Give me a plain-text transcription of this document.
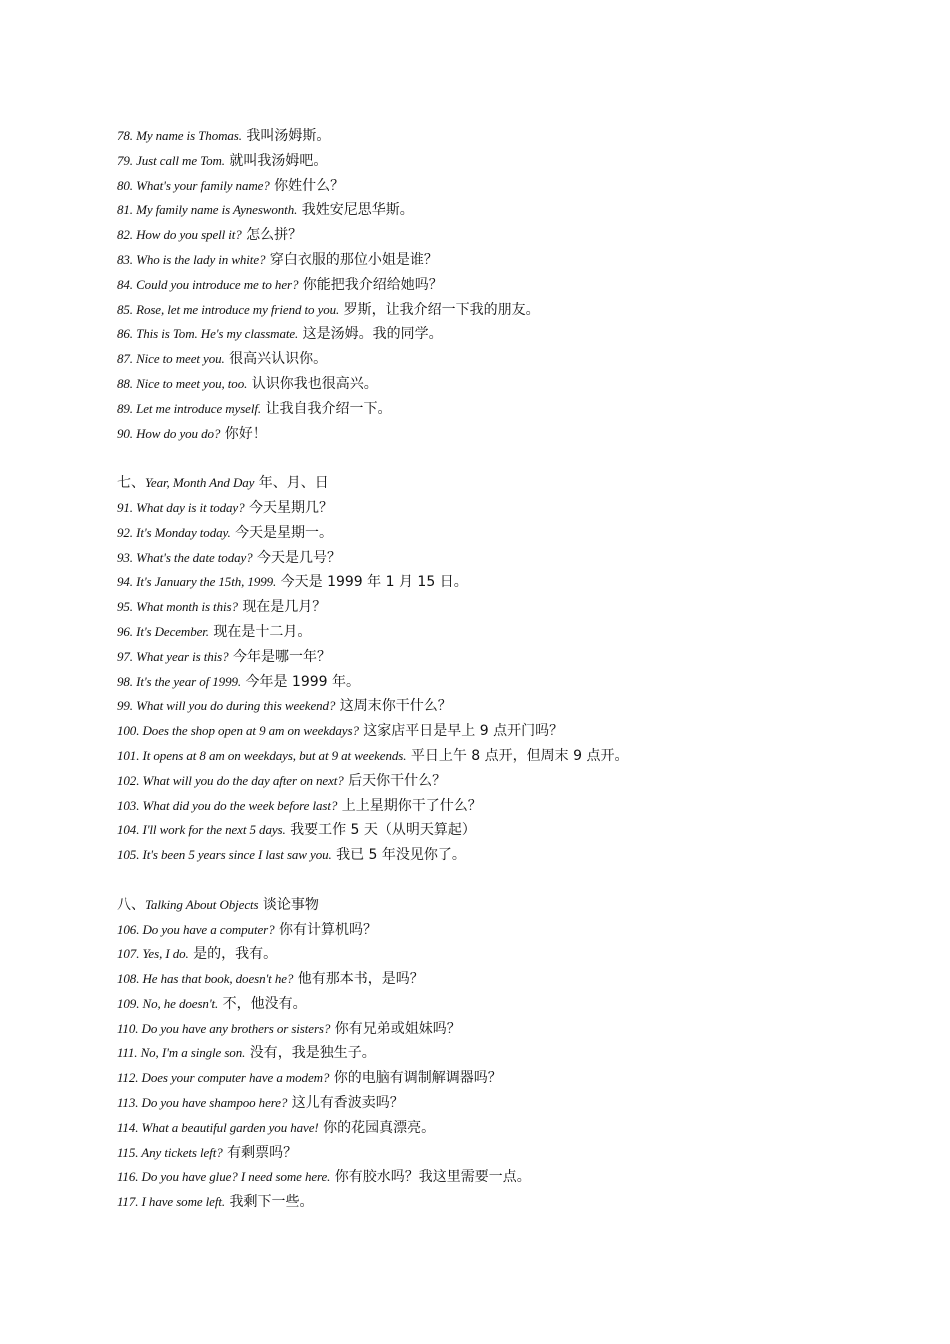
78. My name is Thomas. 我叫汤姆斯。
79. Just call me Tom. 就叫我汤姆吧。
80. What's your family name? 你姓什么？
81. My family name is Ayneswonth. 我姓安尼思华斯。
82. How do you spell it? 怎么拼？
83. Who is the lady in white? 穿白衣服的那位小姐是谁？
84. Could you introduce me to her? 你能把我介绍给她吗？
85. Rose, let me introduce my friend to you. 罗斯，让我介绍一下我的朋友。
86. This is Tom. He's my classmate. 这是汤姆。我的同学。
87. Nice to meet you. 很高兴认识你。
88. Nice to meet you, too. 认识你我也很高兴。
89. Let me introduce myself. 让我自我介绍一下。
90. How do you do? 你好！
七、Year, Month And Day 年、月、日
91. What day is it today? 今天星期几？
92. It's Monday today. 今天是星期一。
93. What's the date today? 今天是几号？
94. It's January the 15th, 1999. 今天是 1999 年 1 月 15 日。
95. What month is this? 现在是几月？
96. It's December. 现在是十二月。
97. What year is this? 今年是哪一年？
98. It's the year of 1999. 今年是 1999 年。
99. What will you do during this weekend? 这周末你干什么？
100. Does the shop open at 9 am on weekdays? 这家店平日是早上 9 点开门吗？
101. It opens at 8 am on weekdays, but at 9 at weekends. 平日上午 8 点开，但周末 9 点开。
102. What will you do the day after on next? 后天你干什么？
103. What did you do the week before last? 上上星期你干了什么？
104. I'll work for the next 5 days. 我要工作 5 天（从明天算起）
105. It's been 5 years since I last saw you. 我已 5 年没见你了。
八、Talking About Objects 谈论事物
106. Do you have a computer? 你有计算机吗？
107. Yes, I do. 是的，我有。
108. He has that book, doesn't he? 他有那本书，是吗？
109. No, he doesn't. 不，他没有。
110. Do you have any brothers or sisters? 你有兄弟或姐妹吗？
111. No, I'm a single son. 没有，我是独生子。
112. Does your computer have a modem? 你的电脑有调制解调器吗？
113. Do you have shampoo here? 这儿有香波卖吗？
114. What a beautiful garden you have! 你的花园真漂亮。
115. Any tickets left? 有剩票吗？
116. Do you have glue? I need some here. 你有胶水吗？我这里需要一点。
117. I have some left. 我剩下一些。
